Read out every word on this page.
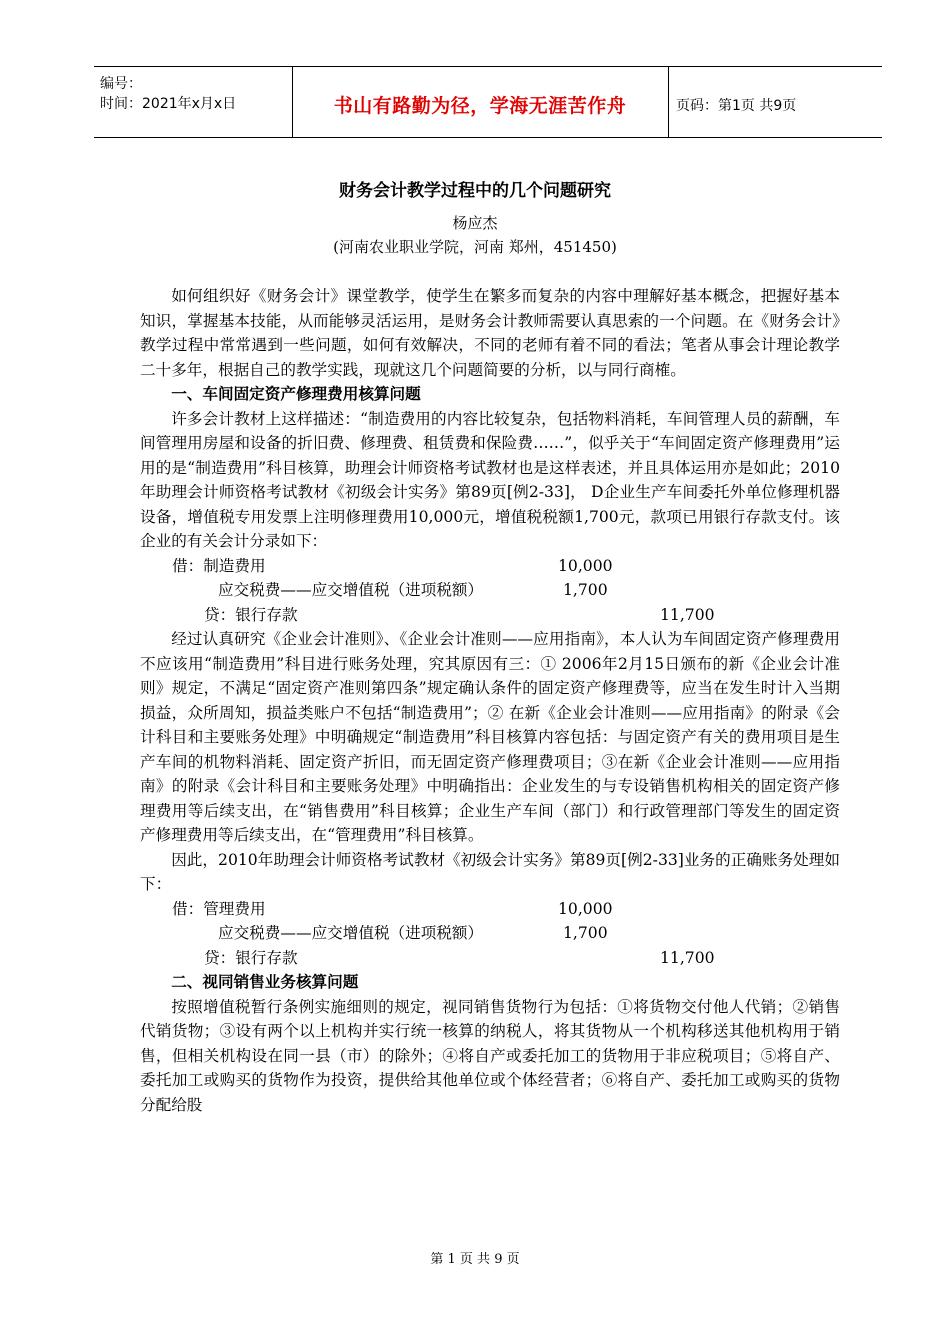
编号：
时间：2021年x月x日	书山有路勤为径，学海无涯苦作舟	页码：第1页 共9页
财务会计教学过程中的几个问题研究
杨应杰
(河南农业职业学院，河南 郑州，451450)

如何组织好《财务会计》课堂教学，使学生在繁多而复杂的内容中理解好基本概念，把握好基本知识，掌握基本技能，从而能够灵活运用，是财务会计教师需要认真思索的一个问题。在《财务会计》教学过程中常常遇到一些问题，如何有效解决，不同的老师有着不同的看法；笔者从事会计理论教学二十多年，根据自己的教学实践，现就这几个问题简要的分析，以与同行商榷。

一、车间固定资产修理费用核算问题

许多会计教材上这样描述：“制造费用的内容比较复杂，包括物料消耗，车间管理人员的薪酬，车间管理用房屋和设备的折旧费、修理费、租赁费和保险费……”，似乎关于“车间固定资产修理费用”运用的是“制造费用”科目核算，助理会计师资格考试教材也是这样表述，并且具体运用亦是如此；2010年助理会计师资格考试教材《初级会计实务》第89页[例2-33]， D企业生产车间委托外单位修理机器设备，增值税专用发票上注明修理费用10,000元，增值税税额1,700元，款项已用银行存款支付。该企业的有关会计分录如下：

借：制造费用	10,000
应交税费——应交增值税（进项税额）	1,700
贷：银行存款	11,700

经过认真研究《企业会计准则》、《企业会计准则——应用指南》，本人认为车间固定资产修理费用不应该用“制造费用”科目进行账务处理，究其原因有三：① 2006年2月15日颁布的新《企业会计准则》规定，不满足“固定资产准则第四条”规定确认条件的固定资产修理费等，应当在发生时计入当期损益，众所周知，损益类账户不包括“制造费用”；② 在新《企业会计准则——应用指南》的附录《会计科目和主要账务处理》中明确规定“制造费用”科目核算内容包括：与固定资产有关的费用项目是生产车间的机物料消耗、固定资产折旧，而无固定资产修理费项目；③在新《企业会计准则——应用指南》的附录《会计科目和主要账务处理》中明确指出：企业发生的与专设销售机构相关的固定资产修理费用等后续支出，在“销售费用”科目核算；企业生产车间（部门）和行政管理部门等发生的固定资产修理费用等后续支出，在“管理费用”科目核算。

因此，2010年助理会计师资格考试教材《初级会计实务》第89页[例2-33]业务的正确账务处理如下：

借：管理费用	10,000
应交税费——应交增值税（进项税额）	1,700
贷：银行存款	11,700
二、视同销售业务核算问题

按照增值税暂行条例实施细则的规定，视同销售货物行为包括：①将货物交付他人代销；②销售代销货物；③设有两个以上机构并实行统一核算的纳税人，将其货物从一个机构移送其他机构用于销售，但相关机构设在同一县（市）的除外；④将自产或委托加工的货物用于非应税项目；⑤将自产、委托加工或购买的货物作为投资，提供给其他单位或个体经营者；⑥将自产、委托加工或购买的货物分配给股

第 1 页 共 9 页
